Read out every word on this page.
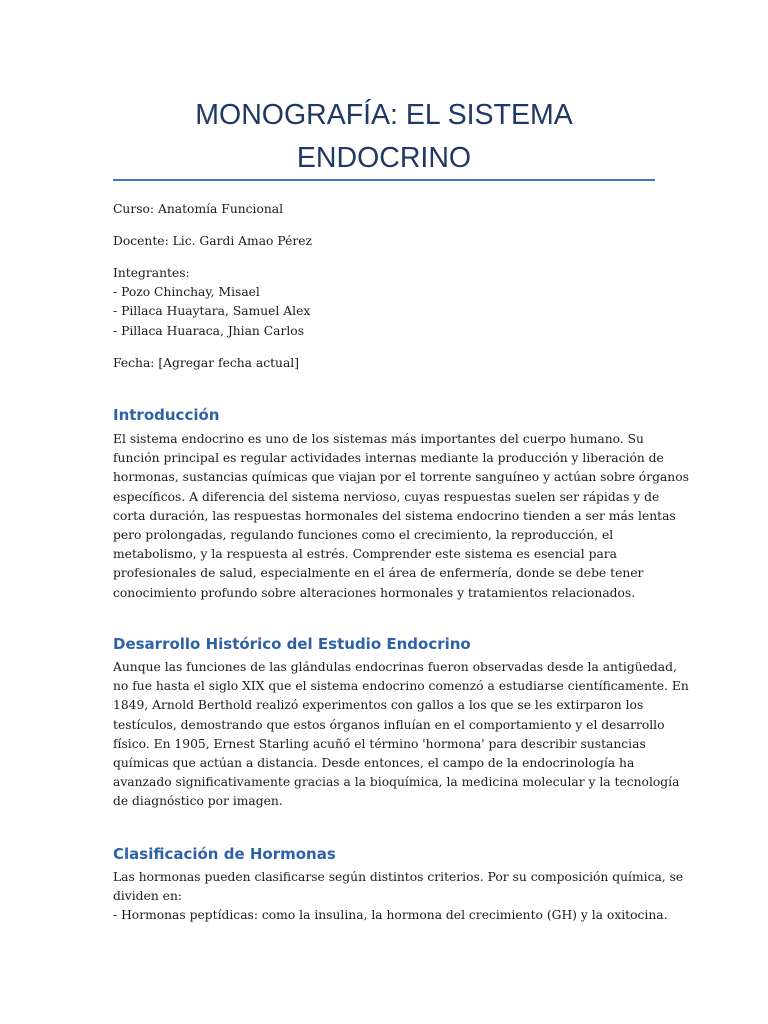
MONOGRAFÍA: EL SISTEMA
ENDOCRINO

Curso: Anatomía Funcional

Docente: Lic. Gardi Amao Pérez

Integrantes:
- Pozo Chinchay, Misael
- Pillaca Huaytara, Samuel Alex
- Pillaca Huaraca, Jhian Carlos

Fecha: [Agregar fecha actual]

Introducción
El sistema endocrino es uno de los sistemas más importantes del cuerpo humano. Su
función principal es regular actividades internas mediante la producción y liberación de
hormonas, sustancias químicas que viajan por el torrente sanguíneo y actúan sobre órganos
específicos. A diferencia del sistema nervioso, cuyas respuestas suelen ser rápidas y de
corta duración, las respuestas hormonales del sistema endocrino tienden a ser más lentas
pero prolongadas, regulando funciones como el crecimiento, la reproducción, el
metabolismo, y la respuesta al estrés. Comprender este sistema es esencial para
profesionales de salud, especialmente en el área de enfermería, donde se debe tener
conocimiento profundo sobre alteraciones hormonales y tratamientos relacionados.
Desarrollo Histórico del Estudio Endocrino
Aunque las funciones de las glándulas endocrinas fueron observadas desde la antigüedad,
no fue hasta el siglo XIX que el sistema endocrino comenzó a estudiarse científicamente. En
1849, Arnold Berthold realizó experimentos con gallos a los que se les extirparon los
testículos, demostrando que estos órganos influían en el comportamiento y el desarrollo
físico. En 1905, Ernest Starling acuñó el término 'hormona' para describir sustancias
químicas que actúan a distancia. Desde entonces, el campo de la endocrinología ha
avanzado significativamente gracias a la bioquímica, la medicina molecular y la tecnología
de diagnóstico por imagen.
Clasificación de Hormonas
Las hormonas pueden clasificarse según distintos criterios. Por su composición química, se
dividen en:
- Hormonas peptídicas: como la insulina, la hormona del crecimiento (GH) y la oxitocina.
